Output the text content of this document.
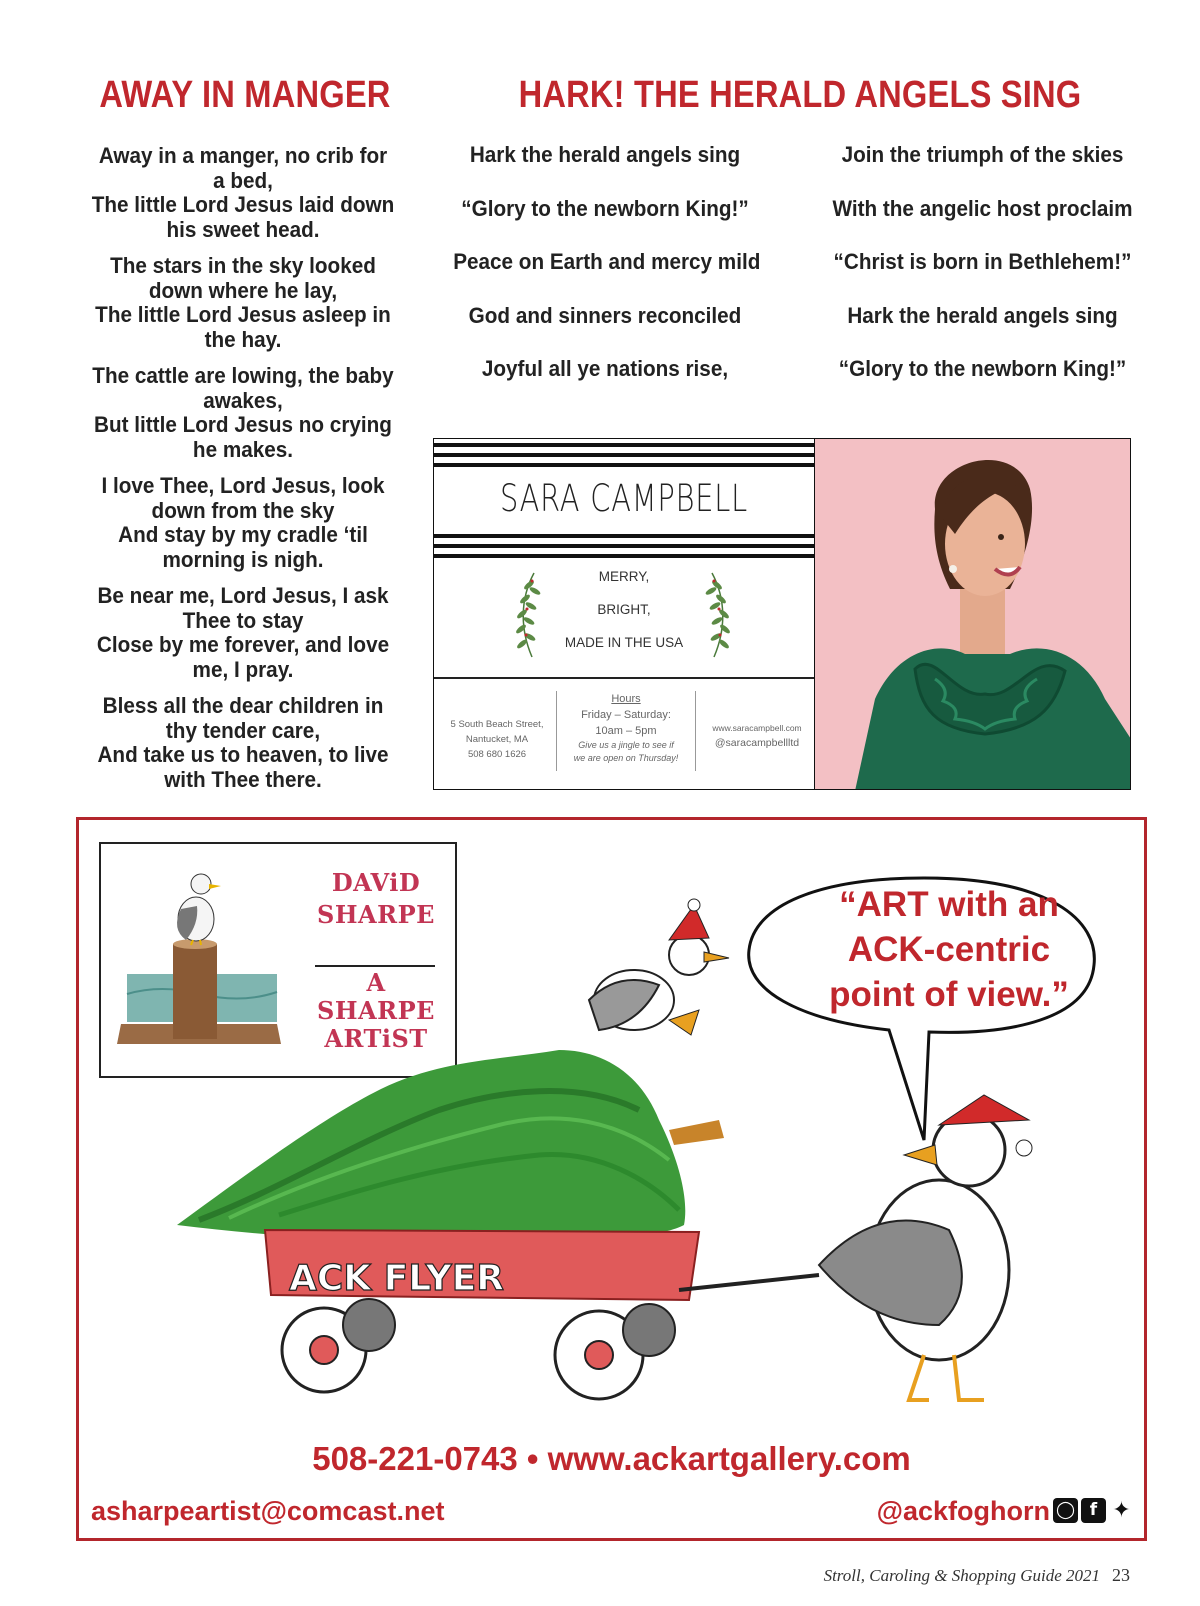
AWAY IN MANGER	HARK! THE HERALD ANGELS SING
Away in a manger, no crib for
a bed,
The little Lord Jesus laid down
his sweet head.
The stars in the sky looked
down where he lay,
The little Lord Jesus asleep in
the hay.
The cattle are lowing, the baby
awakes,
But little Lord Jesus no crying
he makes.
I love Thee, Lord Jesus, look
down from the sky
And stay by my cradle ‘til
morning is nigh.
Be near me, Lord Jesus, I ask
Thee to stay
Close by me forever, and love
me, I pray.
Bless all the dear children in
thy tender care,
And take us to heaven, to live
with Thee there.
Hark the herald angels sing
“Glory to the newborn King!”
Peace on Earth and mercy mild
God and sinners reconciled
Joyful all ye nations rise,
Join the triumph of the skies
With the angelic host proclaim
“Christ is born in Bethlehem!”
Hark the herald angels sing
“Glory to the newborn King!”
SARA CAMPBELL
MERRY,
BRIGHT,
MADE IN THE USA
5 South Beach Street,
Nantucket, MA
508 680 1626
Hours
Friday – Saturday:
10am – 5pm
Give us a jingle to see if
we are open on Thursday!
www.saracampbell.com
@saracampbellltd
DAViD
SHARPE
A
SHARPE
ARTiST
ACK FLYER
“ART with an
ACK-centric
point of view.”
508-221-0743 • www.ackartgallery.com
asharpeartist@comcast.net	@ackfoghorn ◯ f ✦
Stroll, Caroling & Shopping Guide 2021 23
